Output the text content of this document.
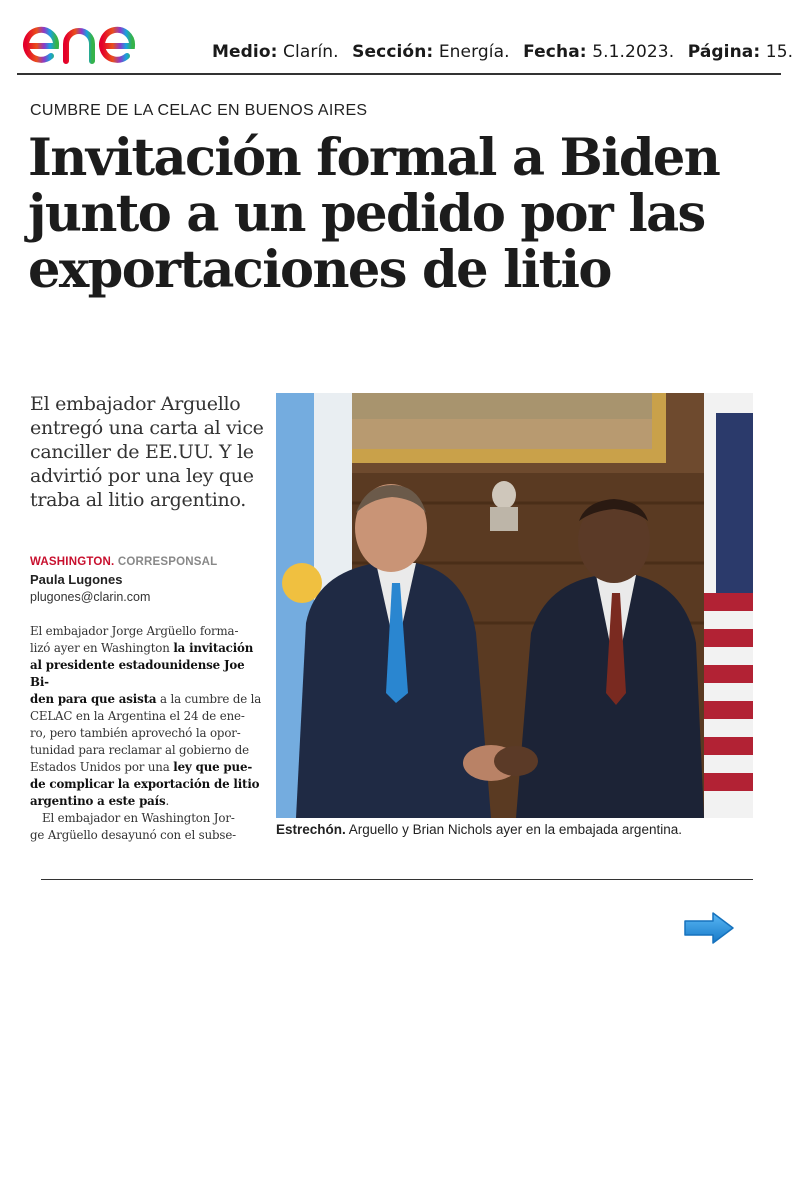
Medio: Clarín. Sección: Energía. Fecha: 5.1.2023. Página: 15.
CUMBRE DE LA CELAC EN BUENOS AIRES
Invitación formal a Biden
junto a un pedido por las
exportaciones de litio
El embajador Arguello
entregó una carta al vice
canciller de EE.UU. Y le
advirtió por una ley que
traba al litio argentino.
WASHINGTON. CORRESPONSAL
Paula Lugones
plugones@clarin.com
El embajador Jorge Argüello forma-
lizó ayer en Washington la invitación
al presidente estadounidense Joe Bi-
den para que asista a la cumbre de la
CELAC en la Argentina el 24 de ene-
ro, pero también aprovechó la opor-
tunidad para reclamar al gobierno de
Estados Unidos por una ley que pue-
de complicar la exportación de litio
argentino a este país.
El embajador en Washington Jor-
ge Argüello desayunó con el subse-	Estrechón. Arguello y Brian Nichols ayer en la embajada argentina.
